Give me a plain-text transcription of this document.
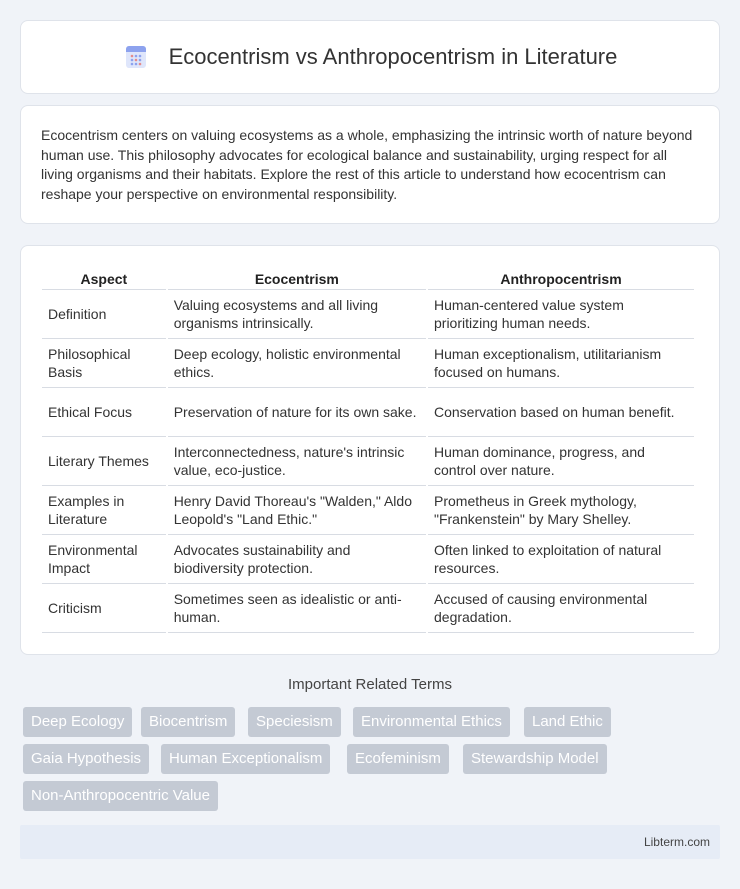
Ecocentrism vs Anthropocentrism in Literature

Ecocentrism centers on valuing ecosystems as a whole, emphasizing the intrinsic worth of nature beyond human use. This philosophy advocates for ecological balance and sustainability, urging respect for all living organisms and their habitats. Explore the rest of this article to understand how ecocentrism can reshape your perspective on environmental responsibility.

Aspect	Ecocentrism	Anthropocentrism
Definition	Valuing ecosystems and all living organisms intrinsically.	Human-centered value system prioritizing human needs.
Philosophical Basis	Deep ecology, holistic environmental ethics.	Human exceptionalism, utilitarianism focused on humans.
Ethical Focus	Preservation of nature for its own sake.	Conservation based on human benefit.
Literary Themes	Interconnectedness, nature's intrinsic value, eco-justice.	Human dominance, progress, and control over nature.
Examples in Literature	Henry David Thoreau's "Walden," Aldo Leopold's "Land Ethic."	Prometheus in Greek mythology, "Frankenstein" by Mary Shelley.
Environmental Impact	Advocates sustainability and biodiversity protection.	Often linked to exploitation of natural resources.
Criticism	Sometimes seen as idealistic or anti-human.	Accused of causing environmental degradation.
Important Related Terms
Deep Ecology	Biocentrism	Speciesism	Environmental Ethics	Land Ethic
Gaia Hypothesis	Human Exceptionalism	Ecofeminism	Stewardship Model
Non-Anthropocentric Value
Libterm.com
